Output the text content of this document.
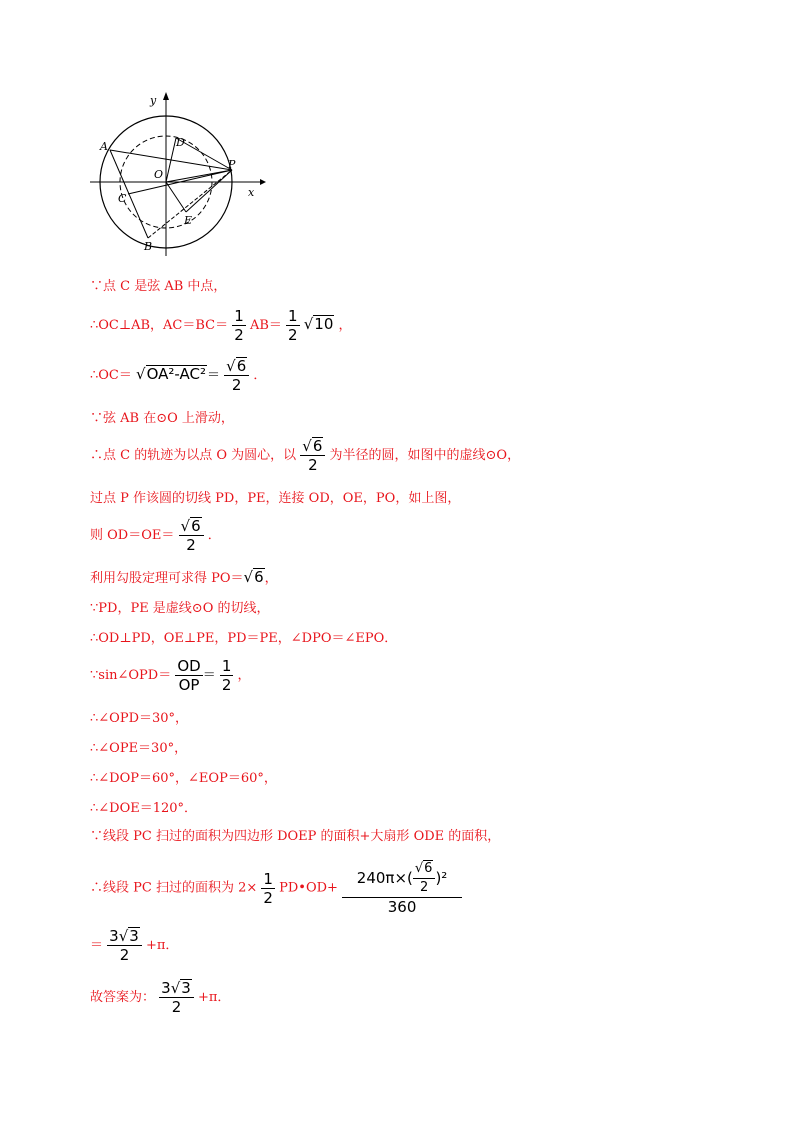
y
x
A
B
C
D
E
O
P
∵点 C 是弦 AB 中点，
∴OC⊥AB，$AC=BC= \frac{1}{2} AB= \frac{1}{2} √10$ ，
∴OC＝ $√OA^2-AC^2= \frac{√6}{2}$ ．
∵弦 AB 在⊙O 上滑动，
∴点 C 的轨迹为以点 O 为圆心，以 $\frac{√6}{2}$ 为半径的圆，如图中的虚线⊙O，
过点 P 作该圆的切线 PD，PE，连接 OD，OE，PO，如上图，
则 $OD=OE= \frac{√6}{2}$ ．
利用勾股定理可求得 PO＝√6，
∵PD，PE 是虚线⊙O 的切线，
∴OD⊥PD，OE⊥PE，PD＝PE，∠DPO＝∠EPO．
∵sin∠OPD＝ $\frac{OD}{OP} = \frac{1}{2}$ ，
∴∠OPD＝30°，
∴∠OPE＝30°，
∴∠DOP＝60°，∠EOP＝60°，
∴∠DOE＝120°．
∵线段 PC 扫过的面积为四边形 DOEP 的面积+大扇形 ODE 的面积，
∴线段 PC 扫过的面积为 $2\times \frac{1}{2}$ PD•OD+ $\frac{240\pi\times( \frac{√6}{2} )^2}{360}$
＝ $\frac{3√3}{2} +\pi$．
故答案为： $\frac{3√3}{2} +\pi$．
